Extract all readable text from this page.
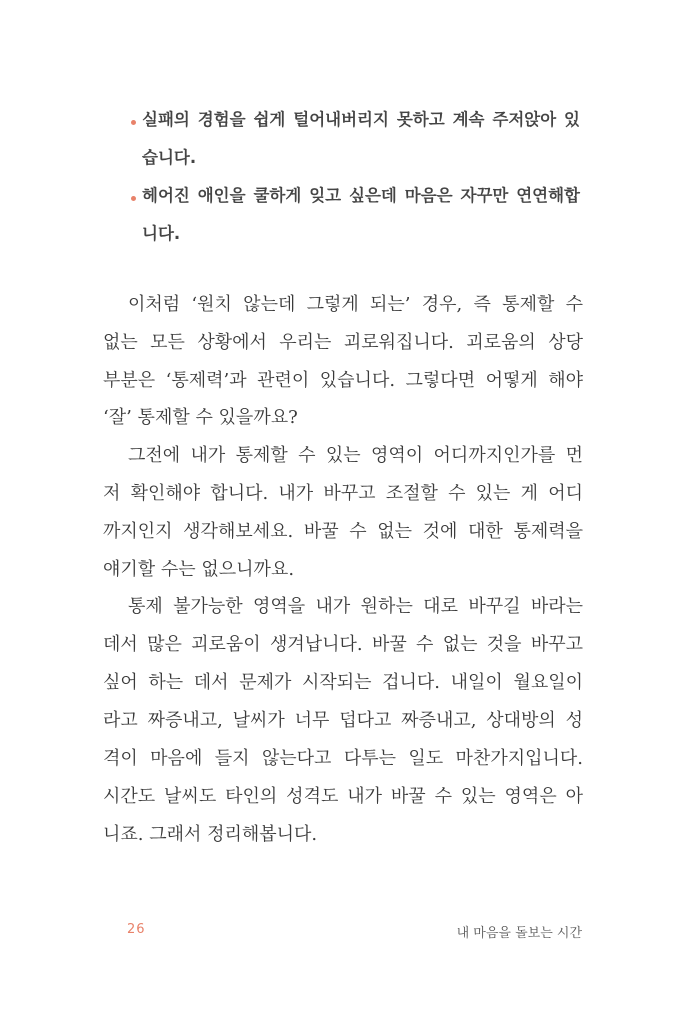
실패의 경험을 쉽게 털어내버리지 못하고 계속 주저앉아 있
습니다.
헤어진 애인을 쿨하게 잊고 싶은데 마음은 자꾸만 연연해합
니다.
이처럼 ‘원치 않는데 그렇게 되는’ 경우, 즉 통제할 수
없는 모든 상황에서 우리는 괴로워집니다. 괴로움의 상당
부분은 ‘통제력’과 관련이 있습니다. 그렇다면 어떻게 해야
‘잘’ 통제할 수 있을까요?
그전에 내가 통제할 수 있는 영역이 어디까지인가를 먼
저 확인해야 합니다. 내가 바꾸고 조절할 수 있는 게 어디
까지인지 생각해보세요. 바꿀 수 없는 것에 대한 통제력을
얘기할 수는 없으니까요.
통제 불가능한 영역을 내가 원하는 대로 바꾸길 바라는
데서 많은 괴로움이 생겨납니다. 바꿀 수 없는 것을 바꾸고
싶어 하는 데서 문제가 시작되는 겁니다. 내일이 월요일이
라고 짜증내고, 날씨가 너무 덥다고 짜증내고, 상대방의 성
격이 마음에 들지 않는다고 다투는 일도 마찬가지입니다.
시간도 날씨도 타인의 성격도 내가 바꿀 수 있는 영역은 아
니죠. 그래서 정리해봅니다.
26	내 마음을 돌보는 시간
